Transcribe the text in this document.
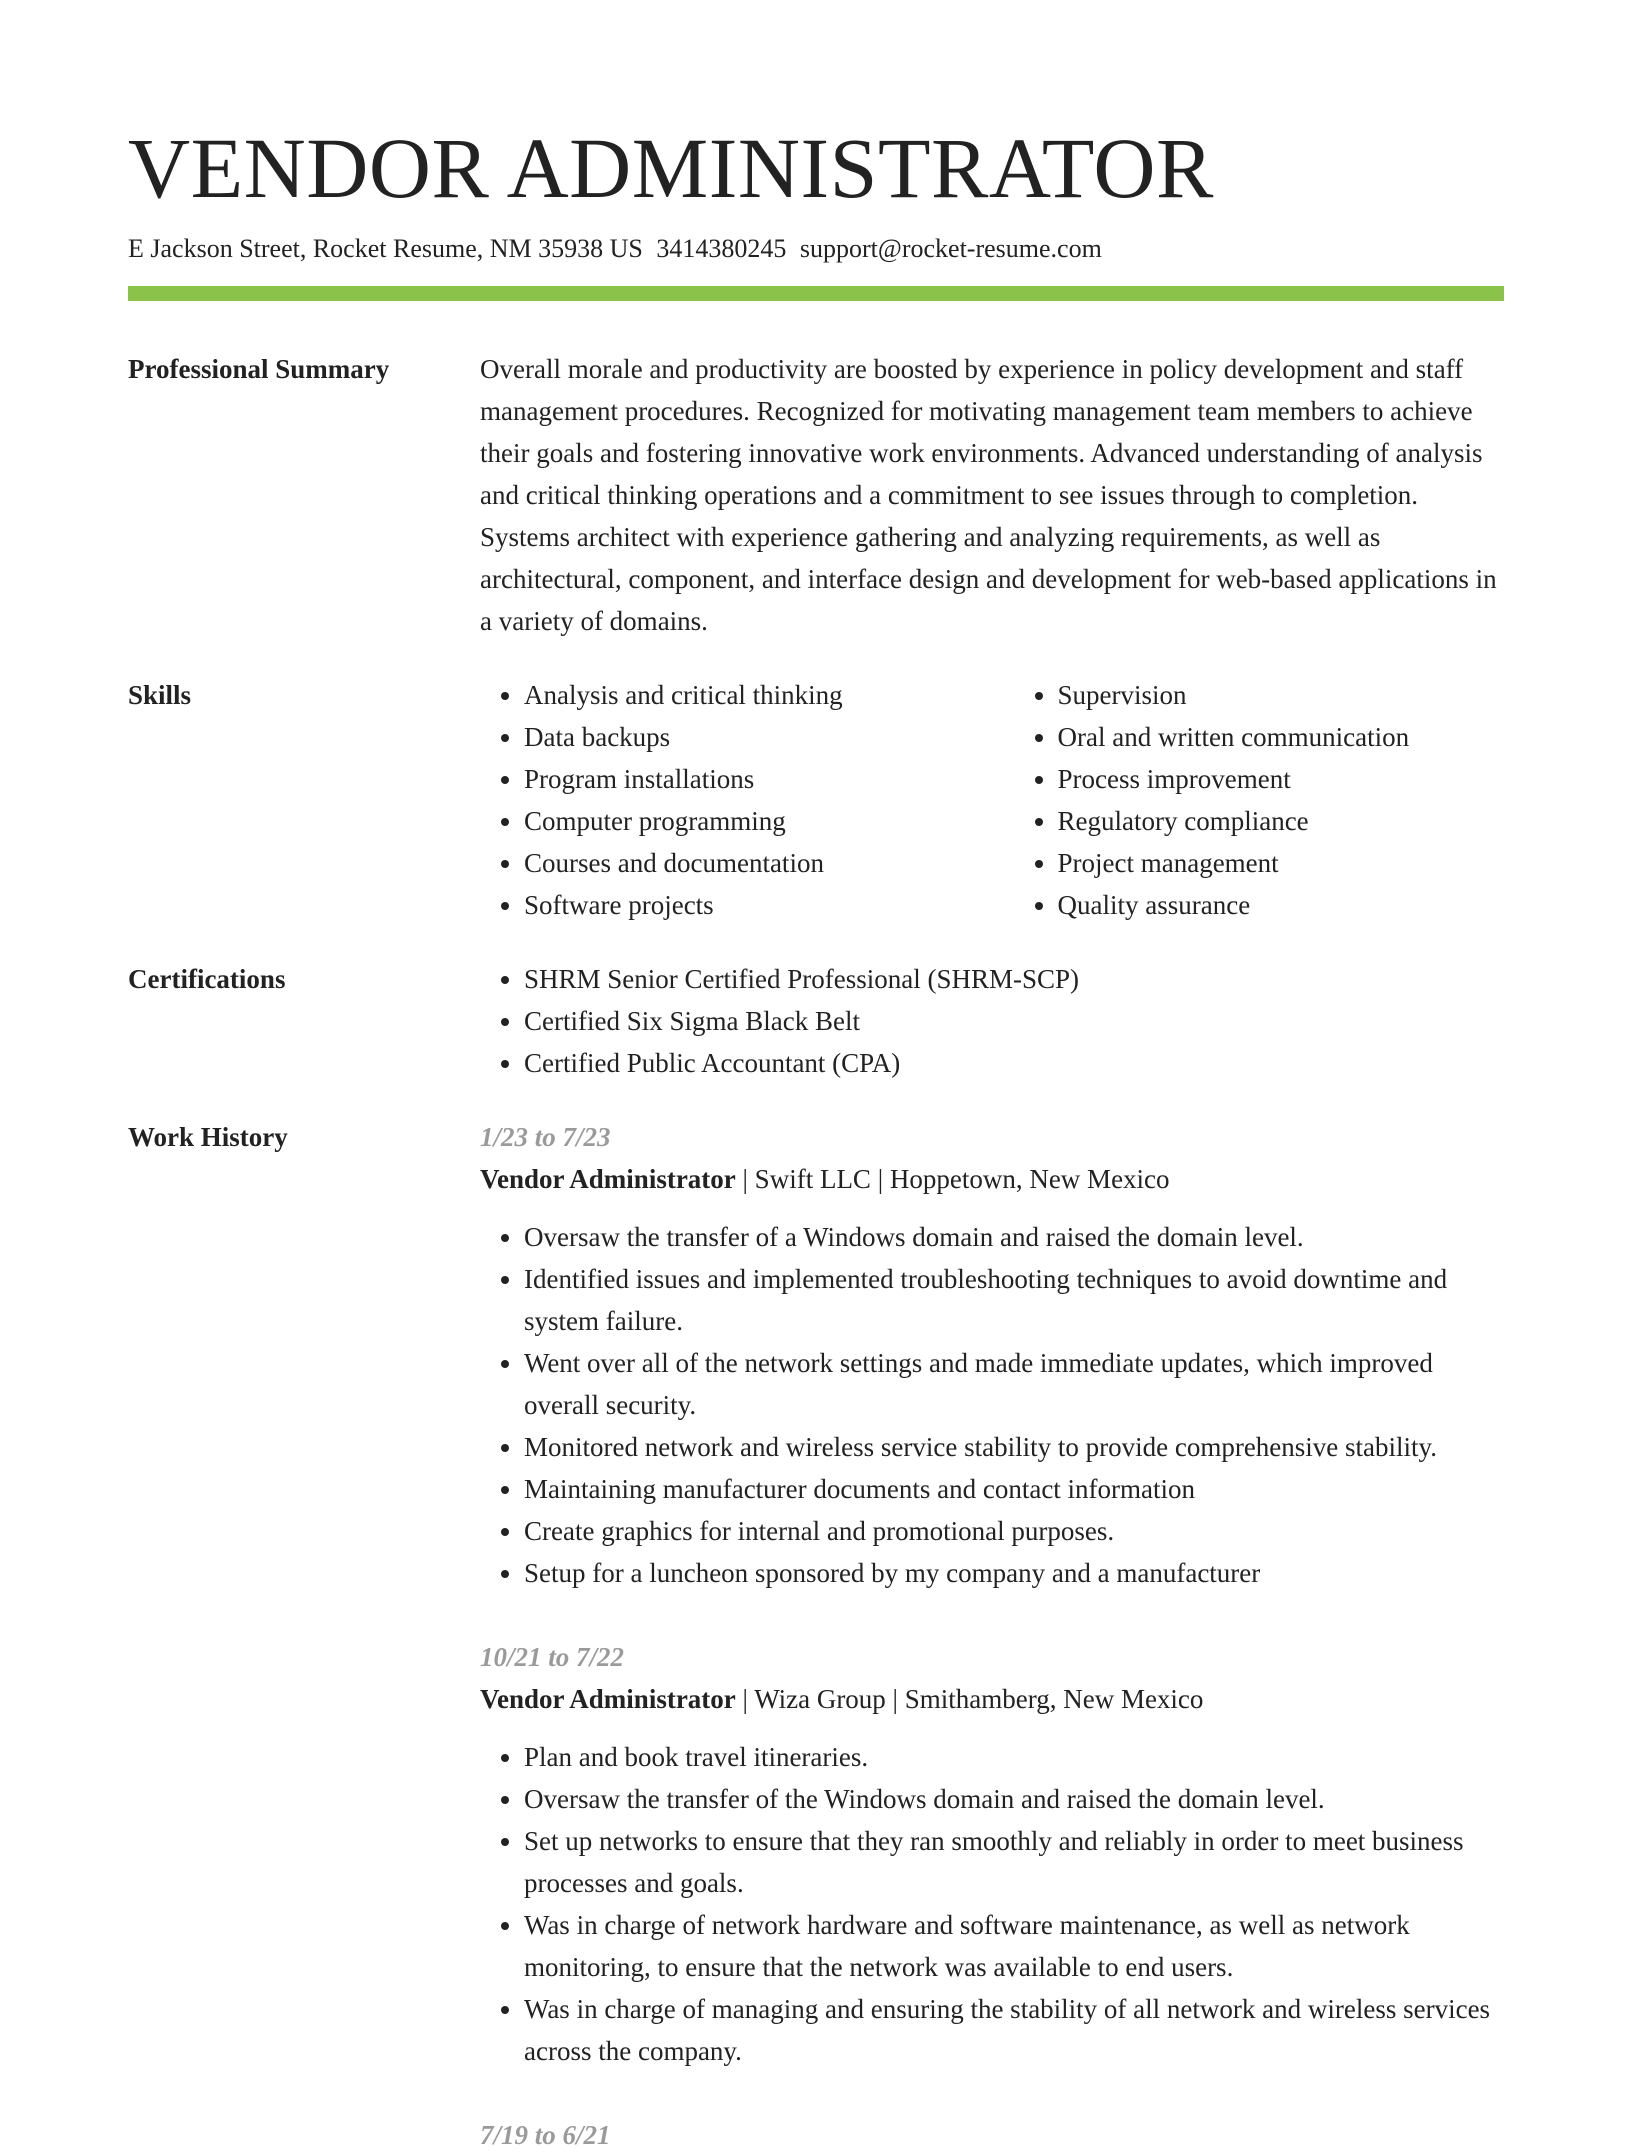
VENDOR ADMINISTRATOR
E Jackson Street, Rocket Resume, NM 35938 US 3414380245 support@rocket-resume.com
Professional Summary	Overall morale and productivity are boosted by experience in policy development and staff management procedures. Recognized for motivating management team members to achieve their goals and fostering innovative work environments. Advanced understanding of analysis and critical thinking operations and a commitment to see issues through to completion. Systems architect with experience gathering and analyzing requirements, as well as architectural, component, and interface design and development for web-based applications in a variety of domains.

Skills	• Analysis and critical thinking
• Data backups
• Program installations
• Computer programming
• Courses and documentation
• Software projects
• Supervision
• Oral and written communication
• Process improvement
• Regulatory compliance
• Project management
• Quality assurance
Certifications	• SHRM Senior Certified Professional (SHRM-SCP)
• Certified Six Sigma Black Belt
• Certified Public Accountant (CPA)
Work History	1/23 to 7/23
Vendor Administrator | Swift LLC | Hoppetown, New Mexico
• Oversaw the transfer of a Windows domain and raised the domain level.
• Identified issues and implemented troubleshooting techniques to avoid downtime and system failure.
• Went over all of the network settings and made immediate updates, which improved overall security.
• Monitored network and wireless service stability to provide comprehensive stability.
• Maintaining manufacturer documents and contact information
• Create graphics for internal and promotional purposes.
• Setup for a luncheon sponsored by my company and a manufacturer
10/21 to 7/22
Vendor Administrator | Wiza Group | Smithamberg, New Mexico
• Plan and book travel itineraries.
• Oversaw the transfer of the Windows domain and raised the domain level.
• Set up networks to ensure that they ran smoothly and reliably in order to meet business processes and goals.
• Was in charge of network hardware and software maintenance, as well as network monitoring, to ensure that the network was available to end users.
• Was in charge of managing and ensuring the stability of all network and wireless services across the company.
7/19 to 6/21
